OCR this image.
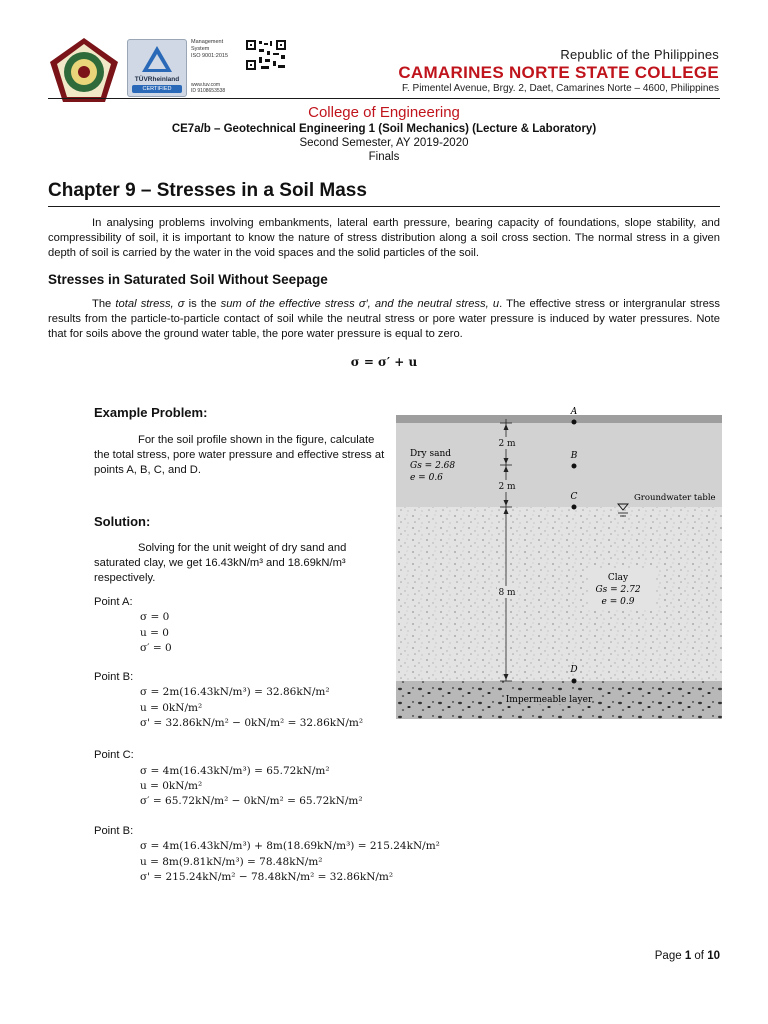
TÜVRheinland
CERTIFIED
Management
System
ISO 9001:2015
www.tuv.com
ID 9108653538
Republic of the Philippines
CAMARINES NORTE STATE COLLEGE
F. Pimentel Avenue, Brgy. 2, Daet, Camarines Norte – 4600, Philippines
College of Engineering
CE7a/b – Geotechnical Engineering 1 (Soil Mechanics) (Lecture & Laboratory)
Second Semester, AY 2019-2020
Finals
Chapter 9 – Stresses in a Soil Mass
In analysing problems involving embankments, lateral earth pressure, bearing capacity of foundations, slope stability, and compressibility of soil, it is important to know the nature of stress distribution along a soil cross section. The normal stress in a given depth of soil is carried by the water in the void spaces and the solid particles of the soil.
Stresses in Saturated Soil Without Seepage
The total stress, σ is the sum of the effective stress σ′, and the neutral stress, u. The effective stress or intergranular stress results from the particle-to-particle contact of soil while the neutral stress or pore water pressure is induced by water pressures. Note that for soils above the ground water table, the pore water pressure is equal to zero.
σ = σ′ + u
Example Problem:
For the soil profile shown in the figure, calculate the total stress, pore water pressure and effective stress at points A, B, C, and D.
Solution:
Solving for the unit weight of dry sand and saturated clay, we get 16.43kN/m³ and 18.69kN/m³ respectively.
Point A:
σ = 0
u = 0
σ′ = 0
Point B:
σ = 2m(16.43kN/m³) = 32.86kN/m²
u = 0kN/m²
σ' = 32.86kN/m² − 0kN/m² = 32.86kN/m²
Point C:
σ = 4m(16.43kN/m³) = 65.72kN/m²
u = 0kN/m²
σ′ = 65.72kN/m² − 0kN/m² = 65.72kN/m²
Point B:
σ = 4m(16.43kN/m³) + 8m(18.69kN/m³) = 215.24kN/m²
u = 8m(9.81kN/m³) = 78.48kN/m²
σ' = 215.24kN/m² − 78.48kN/m² = 32.86kN/m²
2 m
2 m
8 m
A
B
C
D
Dry sand
Gs = 2.68
e = 0.6
Groundwater table
Clay
Gs = 2.72
e = 0.9
Impermeable layer
Page 1 of 10
